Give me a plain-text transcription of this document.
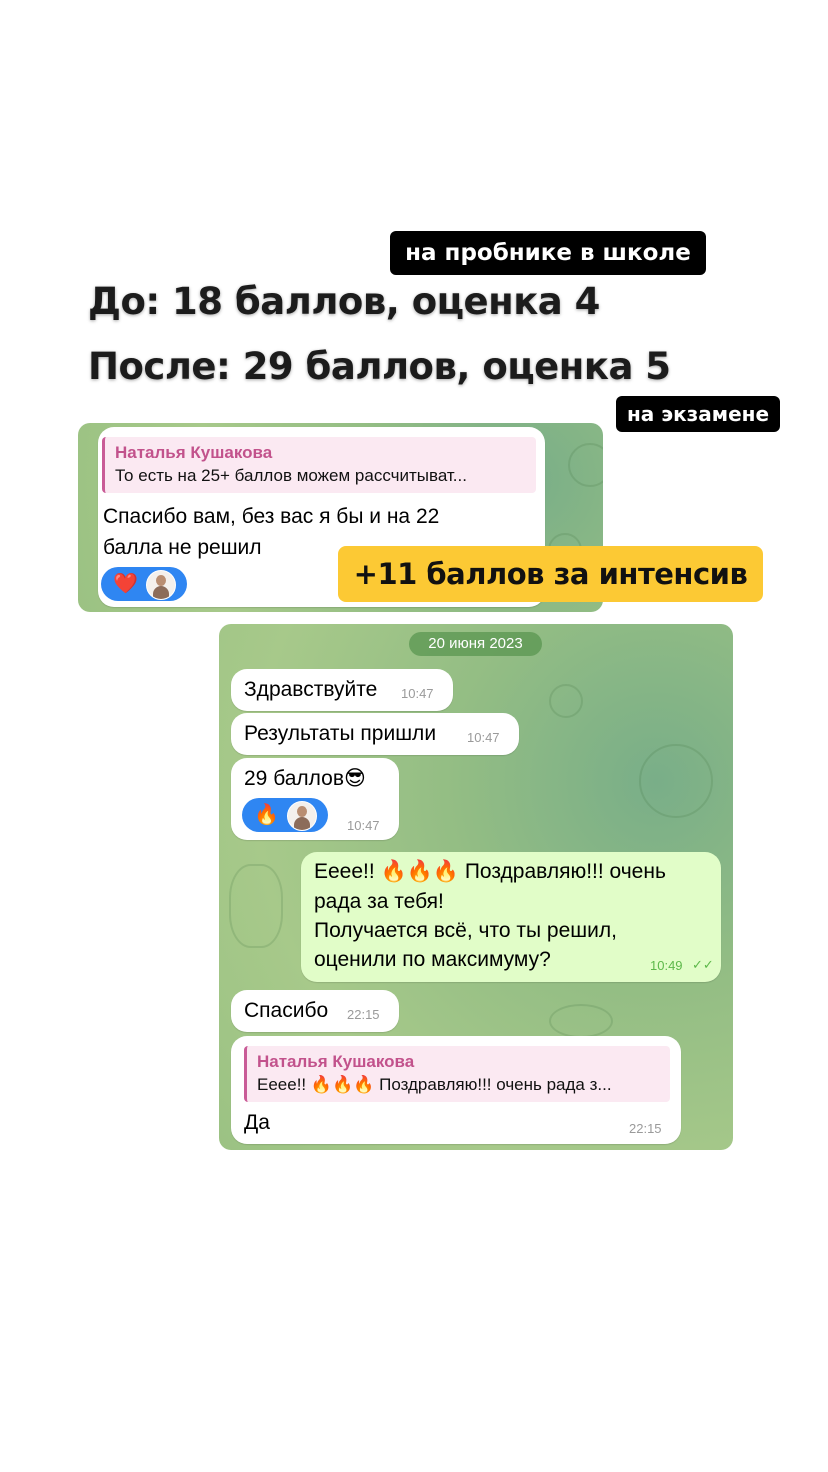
на пробнике в школе
До: 18 баллов, оценка 4
После: 29 баллов, оценка 5
на экзамене
Наталья Кушакова
То есть на 25+ баллов можем рассчитыват...
Спасибо вам, без вас я бы и на 22
балла не решил
❤️	+11 баллов за интенсив
20 июня 2023
Здравствуйте 10:47
Результаты пришли 10:47
29 баллов😎
🔥	10:47
Ееее!! 🔥🔥🔥 Поздравляю!!! очень
рада за тебя!
Получается всё, что ты решил,
оценили по максимуму?	10:49 ✓✓
Спасибо 22:15
Наталья Кушакова
Ееее!! 🔥🔥🔥 Поздравляю!!! очень рада з...
Да	22:15
